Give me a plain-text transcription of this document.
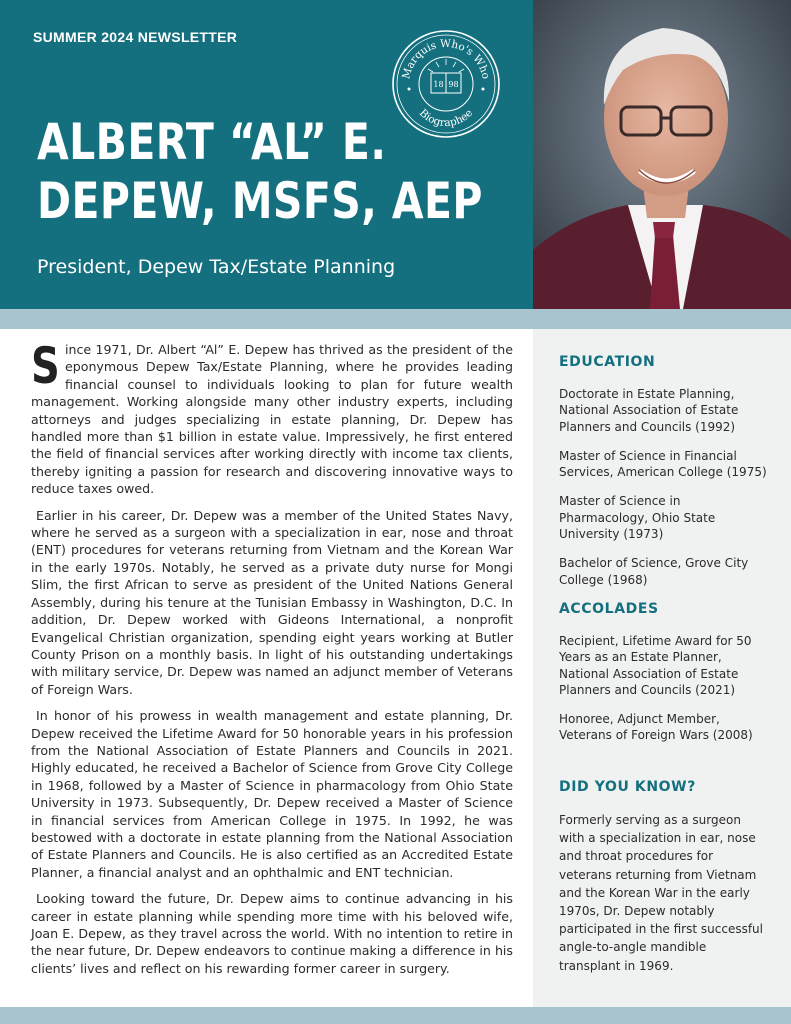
SUMMER 2024 NEWSLETTER
Marquis Who's Who
Biographee
18 98
ALBERT “AL” E.
DEPEW, MSFS, AEP
President, Depew Tax/Estate Planning
EDUCATION
Doctorate in Estate Planning, National Association of Estate Planners and Councils (1992)
Master of Science in Financial Services, American College (1975)
Master of Science in Pharmacology, Ohio State University (1973)
Bachelor of Science, Grove City College (1968)
ACCOLADES
Recipient, Lifetime Award for 50 Years as an Estate Planner, National Association of Estate Planners and Councils (2021)
Honoree, Adjunct Member, Veterans of Foreign Wars (2008)
DID YOU KNOW?
Formerly serving as a surgeon with a specialization in ear, nose and throat procedures for veterans returning from Vietnam and the Korean War in the early 1970s, Dr. Depew notably participated in the first successful angle-to-angle mandible transplant in 1969.

Since 1971, Dr. Albert “Al” E. Depew has thrived as the president of the eponymous Depew Tax/Estate Planning, where he provides leading financial counsel to individuals looking to plan for future wealth management. Working alongside many other industry experts, including attorneys and judges specializing in estate planning, Dr. Depew has handled more than $1 billion in estate value. Impressively, he first entered the field of financial services after working directly with income tax clients, thereby igniting a passion for research and discovering innovative ways to reduce taxes owed.

Earlier in his career, Dr. Depew was a member of the United States Navy, where he served as a surgeon with a specialization in ear, nose and throat (ENT) procedures for veterans returning from Vietnam and the Korean War in the early 1970s. Notably, he served as a private duty nurse for Mongi Slim, the first African to serve as president of the United Nations General Assembly, during his tenure at the Tunisian Embassy in Washington, D.C. In addition, Dr. Depew worked with Gideons International, a nonprofit Evangelical Christian organization, spending eight years working at Butler County Prison on a monthly basis. In light of his outstanding undertakings with military service, Dr. Depew was named an adjunct member of Veterans of Foreign Wars.

In honor of his prowess in wealth management and estate planning, Dr. Depew received the Lifetime Award for 50 honorable years in his profession from the National Association of Estate Planners and Councils in 2021. Highly educated, he received a Bachelor of Science from Grove City College in 1968, followed by a Master of Science in pharmacology from Ohio State University in 1973. Subsequently, Dr. Depew received a Master of Science in financial services from American College in 1975. In 1992, he was bestowed with a doctorate in estate planning from the National Association of Estate Planners and Councils. He is also certified as an Accredited Estate Planner, a financial analyst and an ophthalmic and ENT technician.

Looking toward the future, Dr. Depew aims to continue advancing in his career in estate planning while spending more time with his beloved wife, Joan E. Depew, as they travel across the world. With no intention to retire in the near future, Dr. Depew endeavors to continue making a difference in his clients’ lives and reflect on his rewarding former career in surgery.
